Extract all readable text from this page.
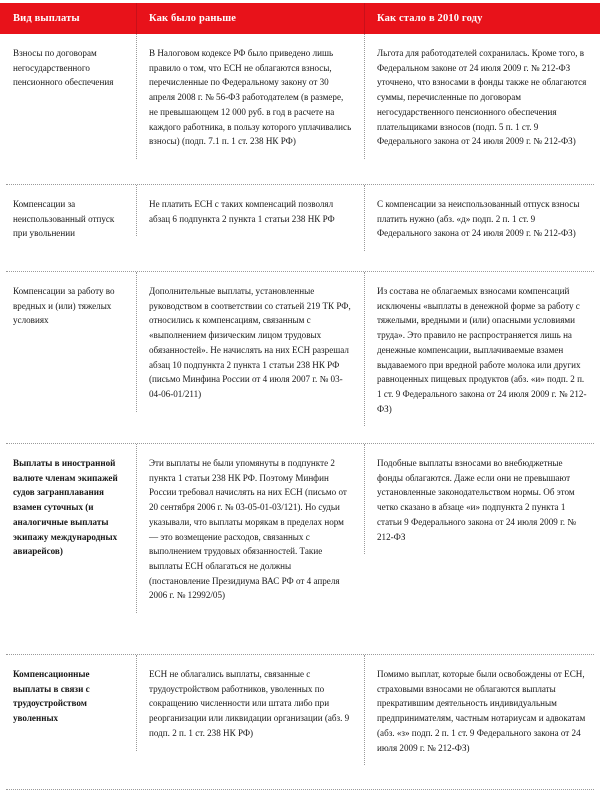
Вид выплаты	Как было раньше	Как стало в 2010 году

Взносы по договорам негосударственного пенсионного обеспечения

В Налоговом кодексе РФ было приведено лишь правило о том, что ЕСН не облагаются взносы, перечисленные по Федеральному закону от 30 апреля 2008 г. № 56-ФЗ работодателем (в размере, не превышающем 12 000 руб. в год в расчете на каждого работника, в пользу которого уплачивались взносы) (подп. 7.1 п. 1 ст. 238 НК РФ)

Льгота для работодателей сохранилась. Кроме того, в Федеральном законе от 24 июля 2009 г. № 212-ФЗ уточнено, что взносами в фонды также не облагаются суммы, перечисленные по договорам негосударственного пенсионного обеспечения плательщиками взносов (подп. 5 п. 1 ст. 9 Федерального закона от 24 июля 2009 г. № 212-ФЗ)

Компенсации за неиспользованный отпуск при увольнении

Не платить ЕСН с таких компенсаций позволял абзац 6 подпункта 2 пункта 1 статьи 238 НК РФ

С компенсации за неиспользованный отпуск взносы платить нужно (абз. «д» подп. 2 п. 1 ст. 9 Федерального закона от 24 июля 2009 г. № 212-ФЗ)

Компенсации за работу во вредных и (или) тяжелых условиях

Дополнительные выплаты, установленные руководством в соответствии со статьей 219 ТК РФ, относились к компенсациям, связанным с «выполнением физическим лицом трудовых обязанностей». Не начислять на них ЕСН разрешал абзац 10 подпункта 2 пункта 1 статьи 238 НК РФ (письмо Минфина России от 4 июля 2007 г. № 03-04-06-01/211)

Из состава не облагаемых взносами компенсаций исключены «выплаты в денежной форме за работу с тяжелыми, вредными и (или) опасными условиями труда». Это правило не распространяется лишь на денежные компенсации, выплачиваемые взамен выдаваемого при вредной работе молока или других равноценных пищевых продуктов (абз. «и» подп. 2 п. 1 ст. 9 Федерального закона от 24 июля 2009 г. № 212-ФЗ)

Выплаты в иностранной валюте членам экипажей судов загранплавания взамен суточных (и аналогичные выплаты экипажу международных авиарейсов)

Эти выплаты не были упомянуты в подпункте 2 пункта 1 статьи 238 НК РФ. Поэтому Минфин России требовал начислять на них ЕСН (письмо от 20 сентября 2006 г. № 03-05-01-03/121). Но судьи указывали, что выплаты морякам в пределах норм — это возмещение расходов, связанных с выполнением трудовых обязанностей. Такие выплаты ЕСН облагаться не должны (постановление Президиума ВАС РФ от 4 апреля 2006 г. № 12992/05)

Подобные выплаты взносами во внебюджетные фонды облагаются. Даже если они не превышают установленные законодательством нормы. Об этом четко сказано в абзаце «и» подпункта 2 пункта 1 статьи 9 Федерального закона от 24 июля 2009 г. № 212-ФЗ

Компенсационные выплаты в связи с трудоустройством уволенных

ЕСН не облагались выплаты, связанные с трудоустройством работников, уволенных по сокращению численности или штата либо при реорганизации или ликвидации организации (абз. 9 подп. 2 п. 1 ст. 238 НК РФ)

Помимо выплат, которые были освобождены от ЕСН, страховыми взносами не облагаются выплаты прекратившим деятельность индивидуальным предпринимателям, частным нотариусам и адвокатам (абз. «з» подп. 2 п. 1 ст. 9 Федерального закона от 24 июля 2009 г. № 212-ФЗ)
